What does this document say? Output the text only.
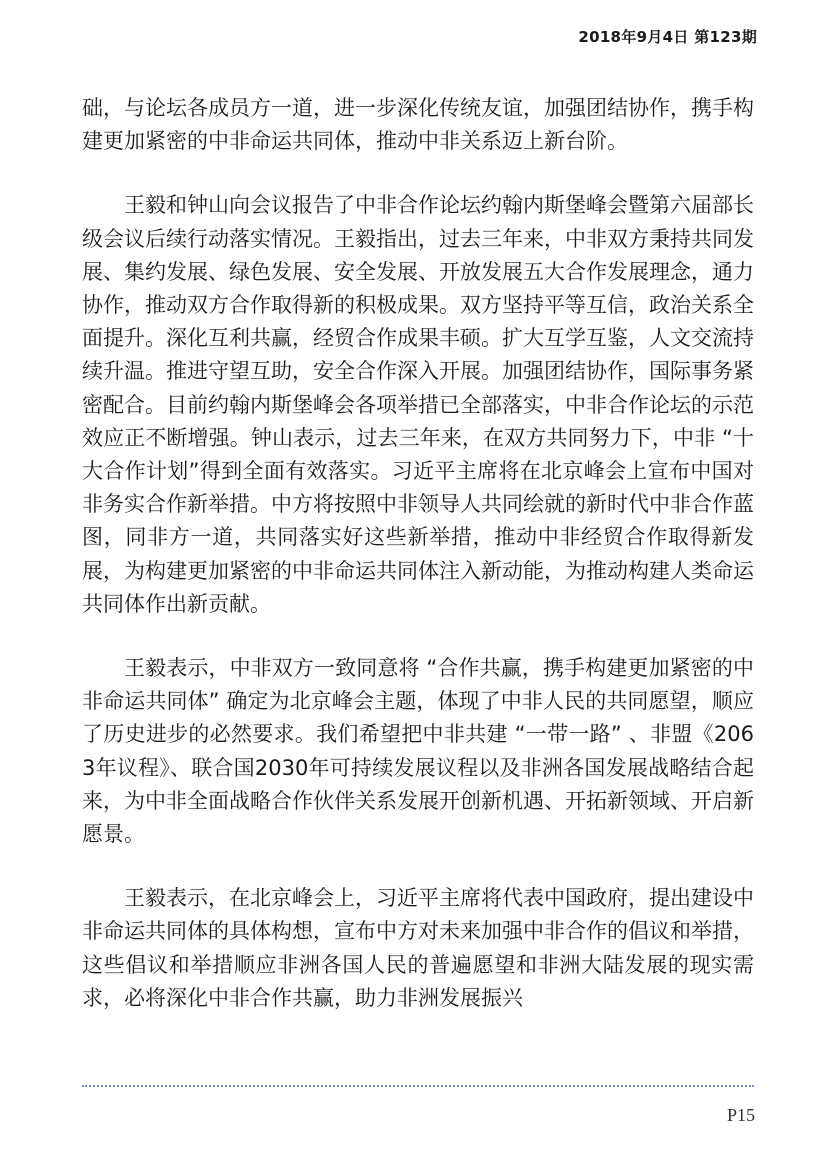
2018年9月4日 第123期

础，与论坛各成员方一道，进一步深化传统友谊，加强团结协作，携手构建更加紧密的中非命运共同体，推动中非关系迈上新台阶。

王毅和钟山向会议报告了中非合作论坛约翰内斯堡峰会暨第六届部长级会议后续行动落实情况。王毅指出，过去三年来，中非双方秉持共同发展、集约发展、绿色发展、安全发展、开放发展五大合作发展理念，通力协作，推动双方合作取得新的积极成果。双方坚持平等互信，政治关系全面提升。深化互利共赢，经贸合作成果丰硕。扩大互学互鉴，人文交流持续升温。推进守望互助，安全合作深入开展。加强团结协作，国际事务紧密配合。目前约翰内斯堡峰会各项举措已全部落实，中非合作论坛的示范效应正不断增强。钟山表示，过去三年来，在双方共同努力下，中非 “十大合作计划”得到全面有效落实。习近平主席将在北京峰会上宣布中国对非务实合作新举措。中方将按照中非领导人共同绘就的新时代中非合作蓝图，同非方一道，共同落实好这些新举措，推动中非经贸合作取得新发展，为构建更加紧密的中非命运共同体注入新动能，为推动构建人类命运共同体作出新贡献。

王毅表示，中非双方一致同意将 “合作共赢，携手构建更加紧密的中非命运共同体” 确定为北京峰会主题，体现了中非人民的共同愿望，顺应了历史进步的必然要求。我们希望把中非共建 “一带一路” 、非盟《2063年议程》、联合国2030年可持续发展议程以及非洲各国发展战略结合起来，为中非全面战略合作伙伴关系发展开创新机遇、开拓新领域、开启新愿景。

王毅表示，在北京峰会上，习近平主席将代表中国政府，提出建设中非命运共同体的具体构想，宣布中方对未来加强中非合作的倡议和举措，这些倡议和举措顺应非洲各国人民的普遍愿望和非洲大陆发展的现实需求，必将深化中非合作共赢，助力非洲发展振兴

P15
